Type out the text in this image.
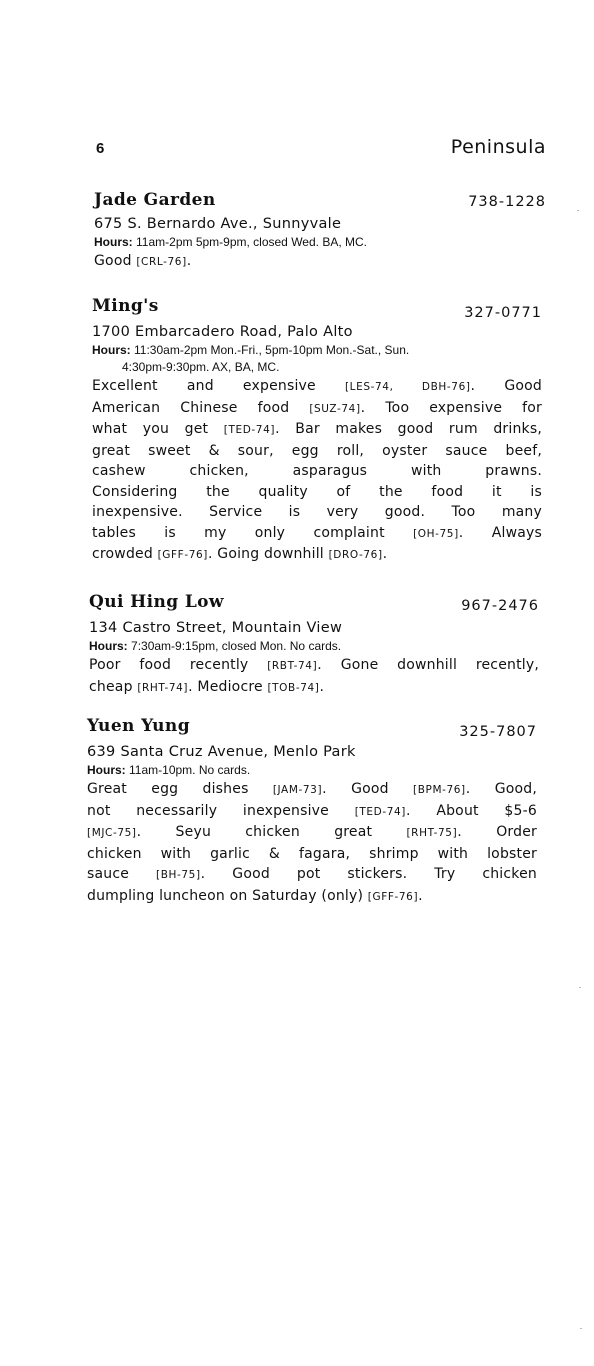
6	Peninsula
Jade Garden	738-1228
675 S. Bernardo Ave., Sunnyvale
Hours: 11am-2pm 5pm-9pm, closed Wed. BA, MC.
Good [CRL-76].
Ming's	327-0771
1700 Embarcadero Road, Palo Alto
Hours: 11:30am-2pm Mon.-Fri., 5pm-10pm Mon.-Sat., Sun.
4:30pm-9:30pm. AX, BA, MC.
Excellent and expensive [LES-74, DBH-76]. Good
American Chinese food [SUZ-74]. Too expensive for
what you get [TED-74]. Bar makes good rum drinks,
great sweet & sour, egg roll, oyster sauce beef,
cashew chicken, asparagus with prawns.
Considering the quality of the food it is
inexpensive. Service is very good. Too many
tables is my only complaint [OH-75]. Always
crowded [GFF-76]. Going downhill [DRO-76].
Qui Hing Low	967-2476
134 Castro Street, Mountain View
Hours: 7:30am-9:15pm, closed Mon. No cards.
Poor food recently [RBT-74]. Gone downhill recently,
cheap [RHT-74]. Mediocre [TOB-74].
Yuen Yung	325-7807
639 Santa Cruz Avenue, Menlo Park
Hours: 11am-10pm. No cards.
Great egg dishes [JAM-73]. Good [BPM-76]. Good,
not necessarily inexpensive [TED-74]. About $5-6
[MJC-75]. Seyu chicken great [RHT-75]. Order
chicken with garlic & fagara, shrimp with lobster
sauce [BH-75]. Good pot stickers. Try chicken
dumpling luncheon on Saturday (only) [GFF-76].
